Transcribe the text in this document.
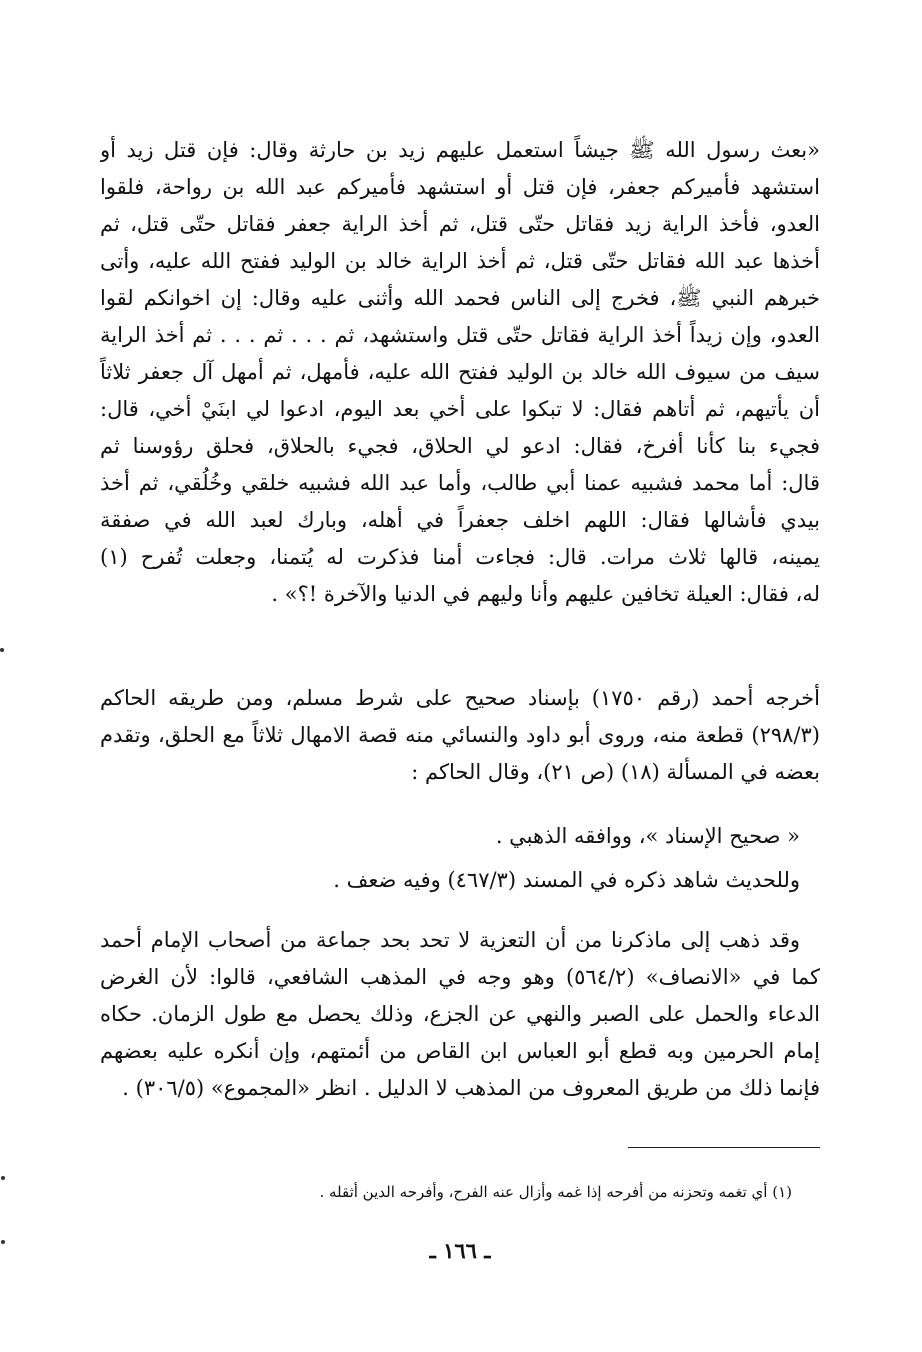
«بعث رسول الله ﷺ جيشاً استعمل عليهم زيد بن حارثة وقال: فإن قتل زيد أو
استشهد فأميركم جعفر، فإن قتل أو استشهد فأميركم عبد الله بن رواحة، فلقوا
العدو، فأخذ الراية زيد فقاتل حتّى قتل، ثم أخذ الراية جعفر فقاتل حتّى قتل، ثم
أخذها عبد الله فقاتل حتّى قتل، ثم أخذ الراية خالد بن الوليد ففتح الله عليه، وأتى
خبرهم النبي ﷺ، فخرج إلى الناس فحمد الله وأثنى عليه وقال: إن اخوانكم لقوا
العدو، وإن زيداً أخذ الراية فقاتل حتّى قتل واستشهد، ثم . . . ثم . . . ثم أخذ الراية
سيف من سيوف الله خالد بن الوليد ففتح الله عليه، فأمهل، ثم أمهل آل جعفر ثلاثاً
أن يأتيهم، ثم أتاهم فقال: لا تبكوا على أخي بعد اليوم، ادعوا لي ابنَيْ أخي، قال:
فجيء بنا كأنا أفرخ، فقال: ادعو لي الحلاق، فجيء بالحلاق، فحلق رؤوسنا ثم
قال: أما محمد فشبيه عمنا أبي طالب، وأما عبد الله فشبيه خلقي وخُلُقي، ثم أخذ
بيدي فأشالها فقال: اللهم اخلف جعفراً في أهله، وبارك لعبد الله في صفقة
يمينه، قالها ثلاث مرات. قال: فجاءت أمنا فذكرت له يُتمنا، وجعلت تُفرح (١)
له، فقال: العيلة تخافين عليهم وأنا وليهم في الدنيا والآخرة !؟» .
أخرجه أحمد (رقم ١٧٥٠) بإسناد صحيح على شرط مسلم، ومن طريقه الحاكم
(٢٩٨/٣) قطعة منه، وروى أبو داود والنسائي منه قصة الامهال ثلاثاً مع الحلق، وتقدم
بعضه في المسألة (١٨) (ص ٢١)، وقال الحاكم :
« صحيح الإسناد »، ووافقه الذهبي .
وللحديث شاهد ذكره في المسند (٤٦٧/٣) وفيه ضعف .
وقد ذهب إلى ماذكرنا من أن التعزية لا تحد بحد جماعة من أصحاب الإمام أحمد
كما في «الانصاف» (٥٦٤/٢) وهو وجه في المذهب الشافعي، قالوا: لأن الغرض
الدعاء والحمل على الصبر والنهي عن الجزع، وذلك يحصل مع طول الزمان. حكاه
إمام الحرمين وبه قطع أبو العباس ابن القاص من أئمتهم، وإن أنكره عليه بعضهم
فإنما ذلك من طريق المعروف من المذهب لا الدليل . انظر «المجموع» (٣٠٦/٥) .
(١) أي تغمه وتحزنه من أفرحه إذا غمه وأزال عنه الفرح، وأفرحه الدين أثقله .
ـ ١٦٦ ـ
